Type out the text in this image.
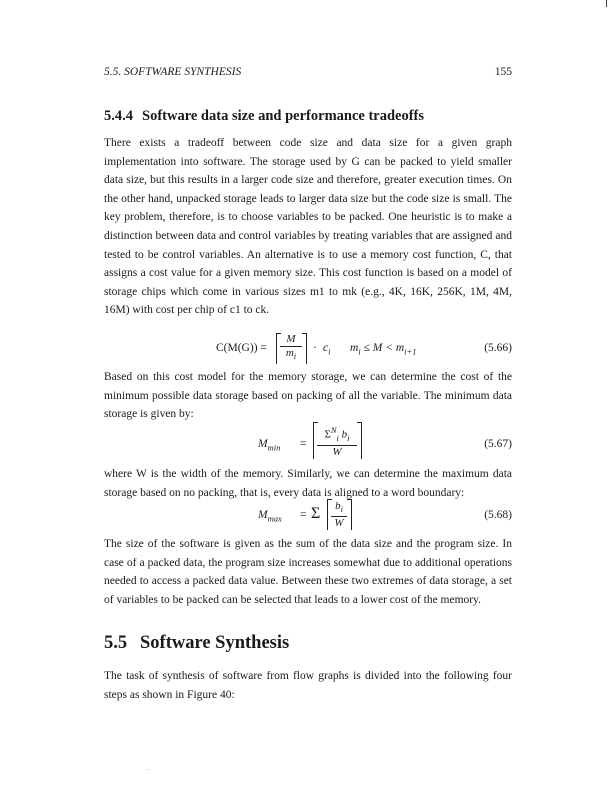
5.5. SOFTWARE SYNTHESIS	155
5.4.4 Software data size and performance tradeoffs

There exists a tradeoff between code size and data size for a given graph implementation into software. The storage used by G can be packed to yield smaller data size, but this results in a larger code size and therefore, greater execution times. On the other hand, unpacked storage leads to larger data size but the code size is small. The key problem, therefore, is to choose variables to be packed. One heuristic is to make a distinction between data and control variables by treating variables that are assigned and tested to be control variables. An alternative is to use a memory cost function, C, that assigns a cost value for a given memory size. This cost function is based on a model of storage chips which come in various sizes m1 to mk (e.g., 4K, 16K, 256K, 1M, 4M, 16M) with cost per chip of c1 to ck.

$C(M(G)) = \frac{M}{m_i} \cdot c_i$ $m_i \le M < m_{i+1}$	(5.66)

Based on this cost model for the memory storage, we can determine the cost of the minimum possible data storage based on packing of all the variable. The minimum data storage is given by:

$M_{min}$ =
$\Sigma^N_i$ $b_i$
W
(5.67)

where W is the width of the memory. Similarly, we can determine the maximum data storage based on no packing, that is, every data is aligned to a word boundary:

$M_{max} = \Sigma \frac{b_i}{W}$	(5.68)

The size of the software is given as the sum of the data size and the program size. In case of a packed data, the program size increases somewhat due to additional operations needed to access a packed data value. Between these two extremes of data storage, a set of variables to be packed can be selected that leads to a lower cost of the memory.

5.5 Software Synthesis

The task of synthesis of software from flow graphs is divided into the following four steps as shown in Figure 40:
